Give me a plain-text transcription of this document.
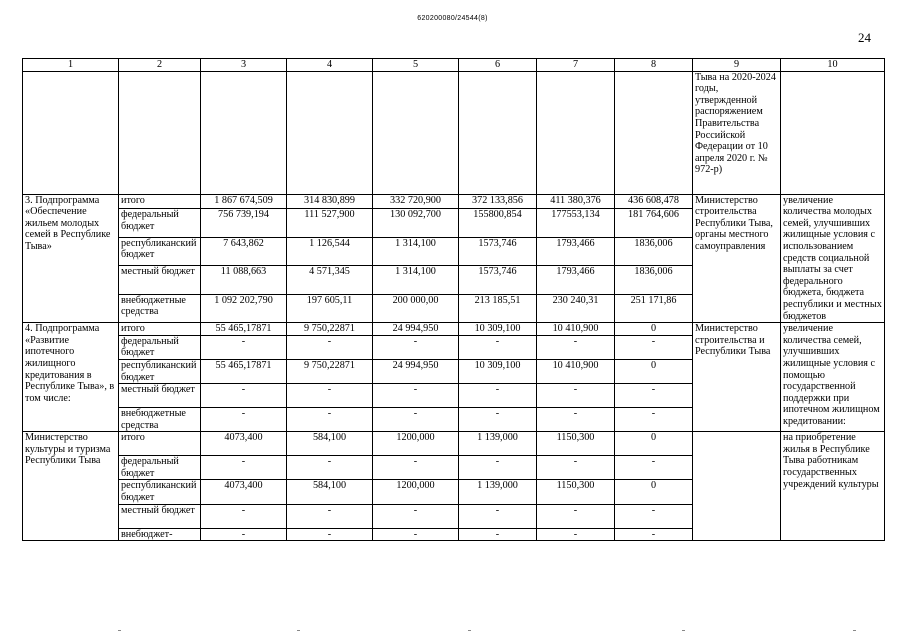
620200080/24544(8)
24
1	2	3	4	5	6	7	8	9	10
								Тыва на 2020-2024 годы, утвержденной распоряжением Правительства Российской Федерации от 10 апреля 2020 г. № 972-р)	
3. Подпрограмма «Обеспечение жильем молодых семей в Республике Тыва»	итого	1 867 674,509	314 830,899	332 720,900	372 133,856	411 380,376	436 608,478	Министерство строительства Республики Тыва, органы местного самоуправления	увеличение количества молодых семей, улучшивших жилищные условия с использованием средств социальной выплаты за счет федерального бюджета, бюджета республики и местных бюджетов
	федеральный бюджет	756 739,194	111 527,900	130 092,700	155800,854	177553,134	181 764,606		
	республиканский бюджет	7 643,862	1 126,544	1 314,100	1573,746	1793,466	1836,006		
	местный бюджет	11 088,663	4 571,345	1 314,100	1573,746	1793,466	1836,006		
	внебюджетные средства	1 092 202,790	197 605,11	200 000,00	213 185,51	230 240,31	251 171,86		
4. Подпрограмма «Развитие ипотечного жилищного кредитования в Республике Тыва», в том числе:	итого	55 465,17871	9 750,22871	24 994,950	10 309,100	10 410,900	0	Министерство строительства и Республики Тыва	увеличение количества семей, улучшивших жилищные условия с помощью государственной поддержки при ипотечном жилищном кредитовании:
	федеральный бюджет	-	-	-	-	-	-		
	республиканский бюджет	55 465,17871	9 750,22871	24 994,950	10 309,100	10 410,900	0		
	местный бюджет	-	-	-	-	-	-		
	внебюджетные средства	-	-	-	-	-	-		
Министерство культуры и туризма Республики Тыва	итого	4073,400	584,100	1200,000	1 139,000	1150,300	0		на приобретение жилья в Республике Тыва работникам государственных учреждений культуры
	федеральный бюджет	-	-	-	-	-	-		
	республиканский бюджет	4073,400	584,100	1200,000	1 139,000	1150,300	0		
	местный бюджет	-	-	-	-	-	-		
	внебюджет-	-	-	-	-	-	-		
